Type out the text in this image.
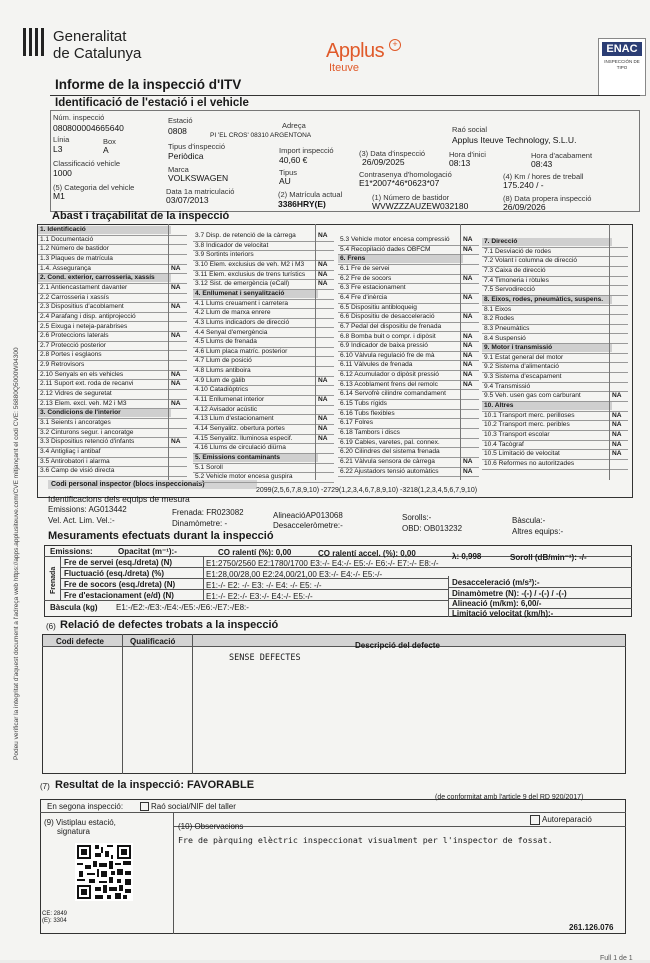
Podeu verificar la integritat d'aquest document a l'adreça web https://apps.applusiteuve.com/CVE mitjançant el codi CVE: 56880Q5000W04300
Generalitat
de Catalunya	Applus +
Iteuve
ENAC
INSPECCIÓN DE TIPO
Informe de la inspecció d'ITV
Identificació de l'estació i el vehicle
Núm. inspecció
080800004665640
Estació
0808
Adreça
PI 'EL CROS' 08310 ARGENTONA
Raó social
Applus Iteuve Technology, S.L.U.
Línia
L3
Box
A	Tipus d'inspecció
Periòdica
Import inspecció
40,60 €
(3) Data d'inspecció
26/09/2025
Hora d'inici
08:13
Hora d'acabament
08:43
Classificació vehicle
1000	Marca
VOLKSWAGEN
Tipus
AU
Contrasenya d'homologació
E1*2007*46*0623*07
(4) Km / hores de treball
175.240 / -
(5) Categoria del vehicle
M1	Data 1a matriculació
03/07/2013
(2) Matrícula actual
3386HRY(E)
(1) Número de bastidor
WVWZZZAUZEW032180
(8) Data propera inspecció
26/09/2026
Abast i traçabilitat de la inspecció
Codi personal inspector (blocs inspeccionats)
2099(2,5,6,7,8,9,10) -2729(1,2,3,4,6,7,8,9,10) -3218(1,2,3,4,5,6,7,9,10)
Identificacions dels equips de mesura
Emissions: AG013442	Frenada: FR023082	AlineacióAP013068	Sorolls:-	Bàscula:-
Vel. Act. Lim. Vel.:-	Dinamòmetre: -	Desacceleròmetre:-	OBD: OB013232	Altres equips:-
Mesuraments efectuats durant la inspecció
Emissions:	Opacitat (m⁻¹):-	CO ralentí (%): 0,00	CO ralentí accel. (%): 0,00	λ: 0,998	Soroll (dB/min⁻¹): -/-
Frenada
Fre de servei (esq./dreta) (N)	E1:2750/2560 E2:1780/1700 E3:-/- E4:-/- E5:-/- E6:-/- E7:-/- E8:-/-
Fluctuació (esq./dreta) (%)	E1:28,00/28,00 E2:24,00/21,00 E3:-/- E4:-/- E5:-/-
Fre de socors (esq./dreta) (N)	E1:-/- E2: -/- E3: -/- E4: -/- E5: -/-
Fre d'estacionament (e/d) (N)	E1:-/- E2:-/- E3:-/- E4:-/- E5:-/-
Bàscula (kg) E1:-/E2:-/E3:-/E4:-/E5:-/E6:-/E7:-/E8:-
Desacceleració (m/s²):-
Dinamòmetre (N): -(-) / -(-) / -(-)
Alineació (m/km): 6,00/-
Limitació velocitat (km/h):-
(6) Relació de defectes trobats a la inspecció
Codi defecte	Qualificació	Descripció del defecte
SENSE DEFECTES
(7) Resultat de la inspecció: FAVORABLE
(de conformitat amb l'article 9 del RD 920/2017)
En segona inspecció:	Raó social/NIF del taller
Autoreparació
(9) Vistiplau estació,
signatura
CE: 2849
(E): 3304
(10) Observacions
Fre de pàrquing elèctric inspeccionat visualment per l'inspector de fossat.
261.126.076
Full 1 de 1
1. Identificació
1.1 Documentació
1.2 Número de bastidor
1.3 Plaques de matrícula
1.4. Assegurança	NA
2. Cond. exterior, carrosseria, xassís
2.1 Antiencastament davanter	NA
2.2 Carrosseria i xassís
2.3 Dispositius d'acoblament	NA
2.4 Parafang i disp. antiprojecció
2.5 Eixuga i neteja-parabrises
2.6 Proteccions laterals	NA
2.7 Protecció posterior
2.8 Portes i esglaons
2.9 Retrovisors
2.10 Senyals en els vehicles	NA
2.11 Suport ext. roda de recanvi	NA
2.12 Vidres de seguretat
2.13 Elem. excl. veh. M2 i M3	NA
3. Condicions de l'interior
3.1 Seients i ancoratges
3.2 Cinturons segur. i ancoratge
3.3 Dispositius retenció d'infants	NA
3.4 Antigliaç i antibaf
3.5 Antirobatori i alarma
3.6 Camp de visió directa
3.7 Disp. de retenció de la càrrega	NA
3.8 Indicador de velocitat
3.9 Sortints interiors
3.10 Elem. exclusius de veh. M2 i M3	NA
3.11 Elem. exclusius de trens turístics	NA
3.12 Sist. de emergència (eCall)	NA
4. Enllumenat i senyalització
4.1 Llums creuament i carretera
4.2 Llum de marxa enrere
4.3 Llums indicadors de direcció
4.4 Senyal d'emergència
4.5 Llums de frenada
4.6 Llum placa matríc. posterior
4.7 Llum de posició
4.8 Llums antiboira
4.9 Llum de gàlib	NA
4.10 Catadiòptrics
4.11 Enllumenat interior	NA
4.12 Avisador acústic
4.13 Llum d'estacionament	NA
4.14 Senyalitz. obertura portes	NA
4.15 Senyalitz. lluminosa especif.	NA
4.16 Llums de circulació diürna
5. Emissions contaminants
5.1 Soroll
5.2 Vehicle motor encesa guspira
5.3 Vehicle motor encesa compressió	NA
5.4 Recopilació dades OBFCM	NA
6. Frens
6.1 Fre de servei
6.2 Fre de socors	NA
6.3 Fre estacionament
6.4 Fre d'inèrcia	NA
6.5 Dispositiu antibloqueig
6.6 Dispositiu de desacceleració	NA
6.7 Pedal del dispositiu de frenada
6.8 Bomba buit o compr. i dipòsit	NA
6.9 Indicador de baixa pressió	NA
6.10 Vàlvula regulació fre de mà	NA
6.11 Vàlvules de frenada	NA
6.12 Acumulador o dipòsit pressió	NA
6.13 Acoblament frens del remolc	NA
6.14 Servofrè cilindre comandament
6.15 Tubs rígids
6.16 Tubs flexibles
6.17 Folres
6.18 Tambors i discs
6.19 Cables, varetes, pal. connex.
6.20 Cilindres del sistema frenada
6.21 Vàlvula sensora de càrrega	NA
6.22 Ajustadors tensió automàtics	NA
7. Direcció
7.1 Desviació de rodes
7.2 Volant i columna de direcció
7.3 Caixa de direcció
7.4 Timoneria i ròtules
7.5 Servodirecció
8. Eixos, rodes, pneumàtics, suspens.
8.1 Eixos
8.2 Rodes
8.3 Pneumàtics
8.4 Suspensió
9. Motor i transmissió
9.1 Estat general del motor
9.2 Sistema d'alimentació
9.3 Sistema d'escapament
9.4 Transmissió
9.5 Veh. usen gas com carburant	NA
10. Altres
10.1 Transport merc. perilloses	NA
10.2 Transport merc. peribles	NA
10.3 Transport escolar	NA
10.4 Tacògraf	NA
10.5 Limitació de velocitat	NA
10.6 Reformes no autoritzades
